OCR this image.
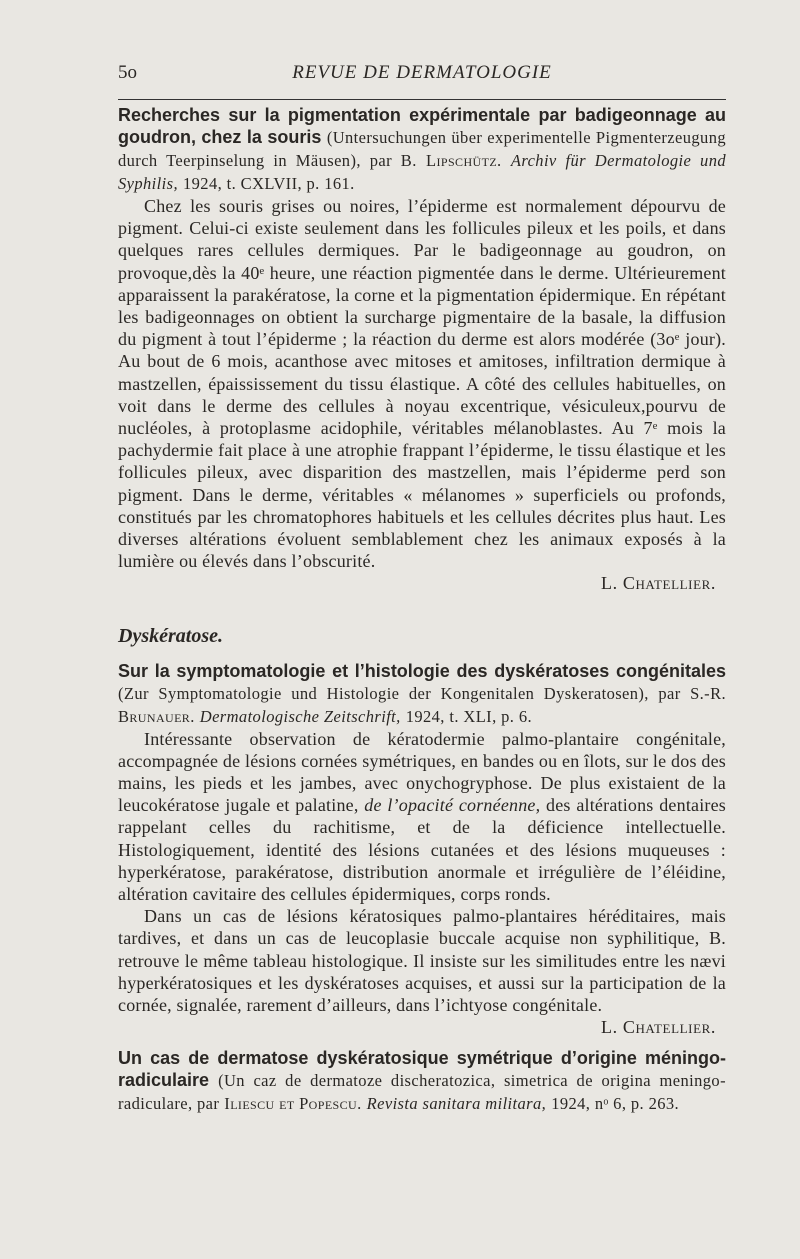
5o	REVUE DE DERMATOLOGIE

Recherches sur la pigmentation expérimentale par badigeonnage au goudron, chez la souris (Untersuchungen über experimentelle Pigmenterzeugung durch Teerpinselung in Mäusen), par B. Lipschütz. Archiv für Dermatologie und Syphilis, 1924, t. CXLVII, p. 161.

Chez les souris grises ou noires, l’épiderme est normalement dépourvu de pigment. Celui-ci existe seulement dans les follicules pileux et les poils, et dans quelques rares cellules dermiques. Par le badigeonnage au goudron, on provoque,dès la 40ᵉ heure, une réaction pigmentée dans le derme. Ultérieurement apparaissent la parakératose, la corne et la pigmentation épidermique. En répétant les badigeonnages on obtient la surcharge pigmentaire de la basale, la diffusion du pigment à tout l’épiderme ; la réaction du derme est alors modérée (3oᵉ jour). Au bout de 6 mois, acanthose avec mitoses et amitoses, infiltration dermique à mastzellen, épaississement du tissu élastique. A côté des cellules habituelles, on voit dans le derme des cellules à noyau excentrique, vésiculeux,pourvu de nucléoles, à protoplasme acidophile, véritables mélanoblastes. Au 7ᵉ mois la pachydermie fait place à une atrophie frappant l’épiderme, le tissu élastique et les follicules pileux, avec disparition des mastzellen, mais l’épiderme perd son pigment. Dans le derme, véritables « mélanomes » superficiels ou profonds, constitués par les chromatophores habituels et les cellules décrites plus haut. Les diverses altérations évoluent semblablement chez les animaux exposés à la lumière ou élevés dans l’obscurité.

L. Chatellier.
Dyskératose.

Sur la symptomatologie et l’histologie des dyskératoses congénitales (Zur Symptomatologie und Histologie der Kongenitalen Dyskeratosen), par S.-R. Brunauer. Dermatologische Zeitschrift, 1924, t. XLI, p. 6.

Intéressante observation de kératodermie palmo-plantaire congénitale, accompagnée de lésions cornées symétriques, en bandes ou en îlots, sur le dos des mains, les pieds et les jambes, avec onychogryphose. De plus existaient de la leucokératose jugale et palatine, de l’opacité cornéenne, des altérations dentaires rappelant celles du rachitisme, et de la déficience intellectuelle. Histologiquement, identité des lésions cutanées et des lésions muqueuses : hyperkératose, parakératose, distribution anormale et irrégulière de l’éléidine, altération cavitaire des cellules épidermiques, corps ronds.

Dans un cas de lésions kératosiques palmo-plantaires héréditaires, mais tardives, et dans un cas de leucoplasie buccale acquise non syphilitique, B. retrouve le même tableau histologique. Il insiste sur les similitudes entre les nævi hyperkératosiques et les dyskératoses acquises, et aussi sur la participation de la cornée, signalée, rarement d’ailleurs, dans l’ichtyose congénitale.

L. Chatellier.

Un cas de dermatose dyskératosique symétrique d’origine méningo-radiculaire (Un caz de dermatoze discheratozica, simetrica de origina meningo-radiculare, par Iliescu et Popescu. Revista sanitara militara, 1924, nᵒ 6, p. 263.
